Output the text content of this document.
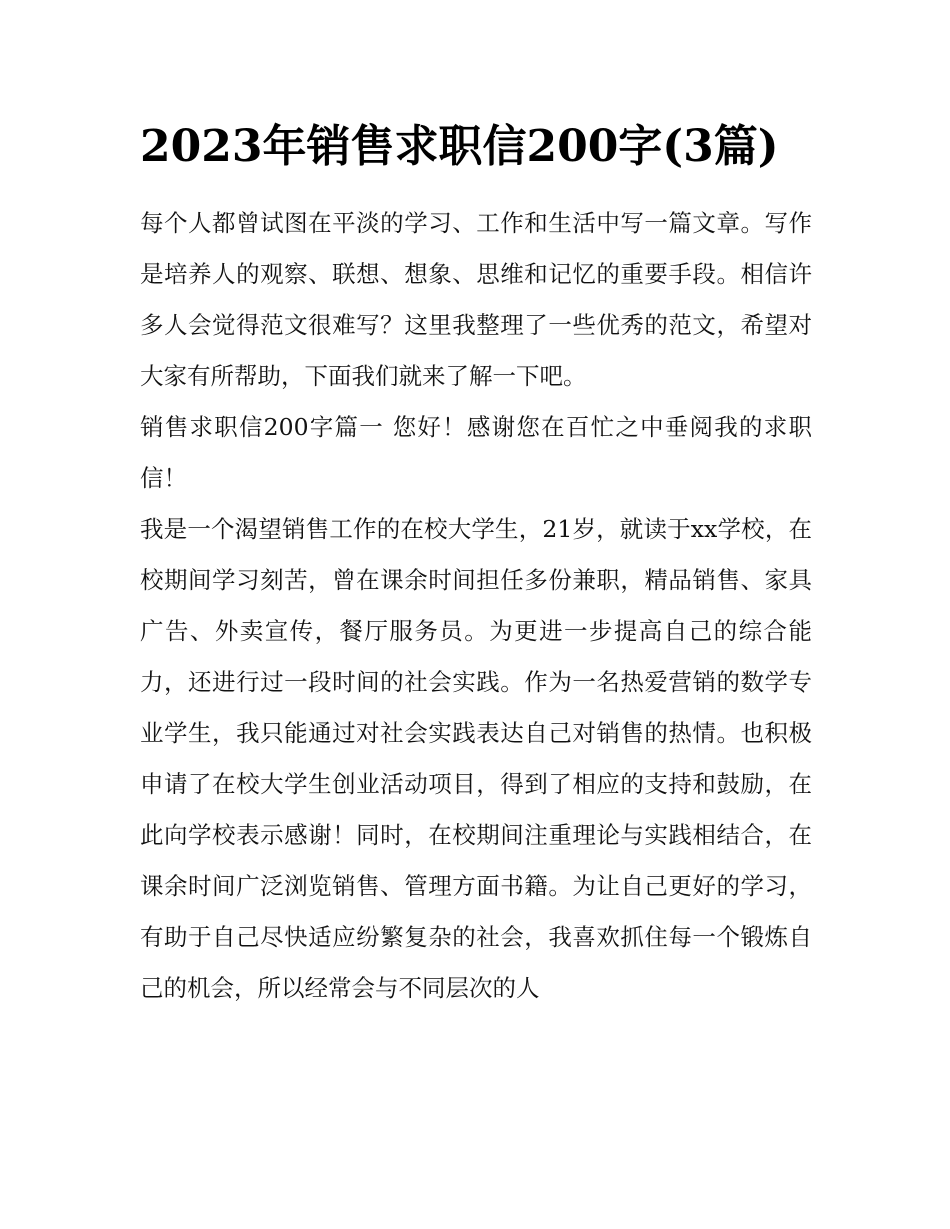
2023年销售求职信200字(3篇)

每个人都曾试图在平淡的学习、工作和生活中写一篇文章。写作是培养人的观察、联想、想象、思维和记忆的重要手段。相信许多人会觉得范文很难写？这里我整理了一些优秀的范文，希望对大家有所帮助，下面我们就来了解一下吧。

销售求职信200字篇一 您好！感谢您在百忙之中垂阅我的求职信！

我是一个渴望销售工作的在校大学生，21岁，就读于xx学校，在校期间学习刻苦，曾在课余时间担任多份兼职，精品销售、家具广告、外卖宣传，餐厅服务员。为更进一步提高自己的综合能力，还进行过一段时间的社会实践。作为一名热爱营销的数学专业学生，我只能通过对社会实践表达自己对销售的热情。也积极申请了在校大学生创业活动项目，得到了相应的支持和鼓励，在此向学校表示感谢！同时，在校期间注重理论与实践相结合，在课余时间广泛浏览销售、管理方面书籍。为让自己更好的学习，有助于自己尽快适应纷繁复杂的社会，我喜欢抓住每一个锻炼自己的机会，所以经常会与不同层次的人
